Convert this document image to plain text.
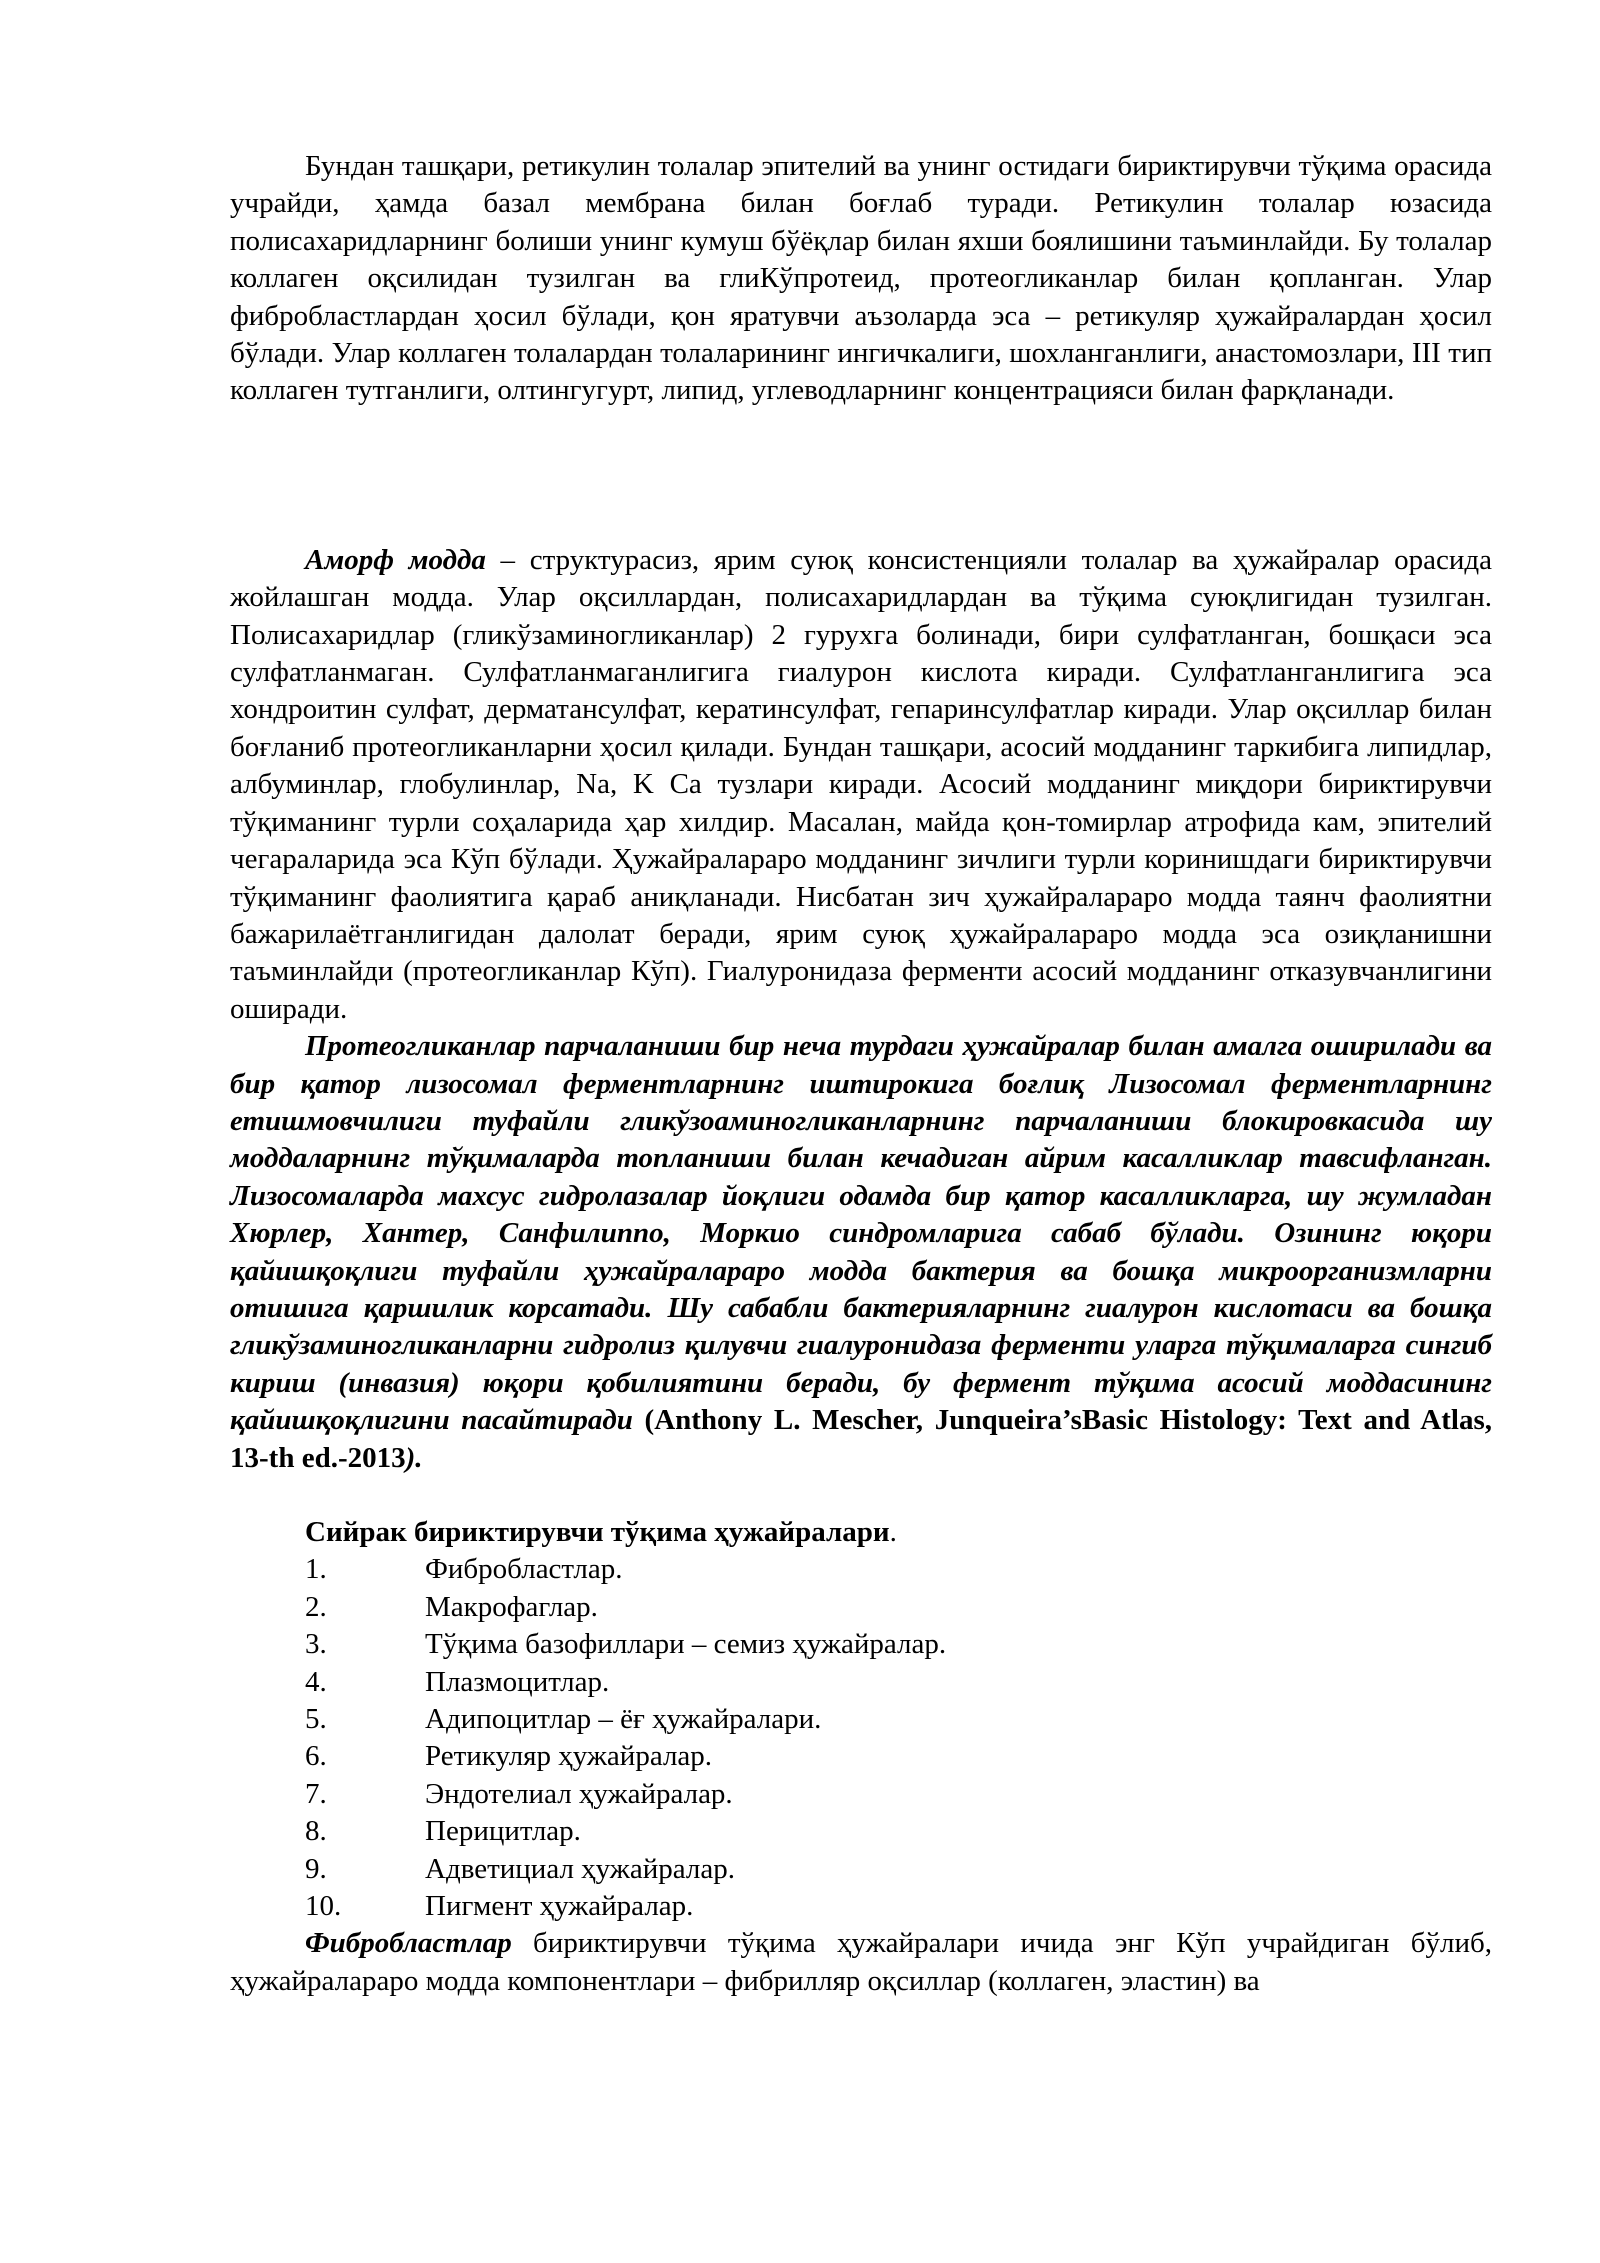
Бундан ташқари, ретикулин толалар эпителий ва унинг остидаги бириктирувчи тўқима орасида учрайди, ҳамда базал мембрана билан боғлаб туради. Ретикулин толалар юзасида полисахаридларнинг болиши унинг кумуш бўёқлар билан яхши боялишини таъминлайди. Бу толалар коллаген оқсилидан тузилган ва глиКўпротеид, протеогликанлар билан қопланган. Улар фибробластлардан ҳосил бўлади, қон яратувчи аъзоларда эса – ретикуляр ҳужайралардан ҳосил бўлади. Улар коллаген толалардан толаларининг ингичкалиги, шохланганлиги, анастомозлари, III тип коллаген тутганлиги, олтингугурт, липид, углеводларнинг концентрацияси билан фарқланади.

Аморф модда – структурасиз, ярим суюқ консистенцияли толалар ва ҳужайралар орасида жойлашган модда. Улар оқсиллардан, полисахаридлардан ва тўқима суюқлигидан тузилган. Полисахаридлар (гликўзаминогликанлар) 2 гурухга болинади, бири сулфатланган, бошқаси эса сулфатланмаган. Сулфатланмаганлигига гиалурон кислота киради. Сулфатланганлигига эса хондроитин сулфат, дерматансулфат, кератинсулфат, гепаринсулфатлар киради. Улар оқсиллар билан боғланиб протеогликанларни ҳосил қилади. Бундан ташқари, асосий модданинг таркибига липидлар, албуминлар, глобулинлар, Na, K Ca тузлари киради. Асосий модданинг миқдори бириктирувчи тўқиманинг турли соҳаларида ҳар хилдир. Масалан, майда қон-томирлар атрофида кам, эпителий чегараларида эса Кўп бўлади. Ҳужайралараро модданинг зичлиги турли коринишдаги бириктирувчи тўқиманинг фаолиятига қараб аниқланади. Нисбатан зич ҳужайралараро модда таянч фаолиятни бажарилаётганлигидан далолат беради, ярим суюқ ҳужайралараро модда эса озиқланишни таъминлайди (протеогликанлар Кўп). Гиалуронидаза ферменти асосий модданинг отказувчанлигини оширади.

Протеогликанлар парчаланиши бир неча турдаги ҳужайралар билан амалга оширилади ва бир қатор лизосомал ферментларнинг иштирокига боғлиқ Лизосомал ферментларнинг етишмовчилиги туфайли гликўзоаминогликанларнинг парчаланиши блокировкасида шу моддаларнинг тўқималарда топланиши билан кечадиган айрим касалликлар тавсифланган. Лизосомаларда махсус гидролазалар йоқлиги одамда бир қатор касалликларга, шу жумладан Хюрлер, Хантер, Санфилиппо, Моркио синдромларига сабаб бўлади. Озининг юқори қайишқоқлиги туфайли ҳужайралараро модда бактерия ва бошқа микроорганизмларни отишига қаршилик корсатади. Шу сабабли бактерияларнинг гиалурон кислотаси ва бошқа гликўзаминогликанларни гидролиз қилувчи гиалуронидаза ферменти уларга тўқималарга сингиб кириш (инвазия) юқори қобилиятини беради, бу фермент тўқима асосий моддасининг қайишқоқлигини пасайтиради (Anthony L. Mescher, Junqueira’sBasic Histology: Text and Atlas, 13-th ed.-2013).

Сийрак бириктирувчи тўқима ҳужайралари.
1.	Фибробластлар.
2.	Макрофаглар.
3.	Тўқима базофиллари – семиз ҳужайралар.
4.	Плазмоцитлар.
5.	Адипоцитлар – ёғ ҳужайралари.
6.	Ретикуляр ҳужайралар.
7.	Эндотелиал ҳужайралар.
8.	Перицитлар.
9.	Адветициал ҳужайралар.
10.	Пигмент ҳужайралар.

Фибробластлар бириктирувчи тўқима ҳужайралари ичида энг Кўп учрайдиган бўлиб, ҳужайралараро модда компонентлари – фибрилляр оқсиллар (коллаген, эластин) ва
